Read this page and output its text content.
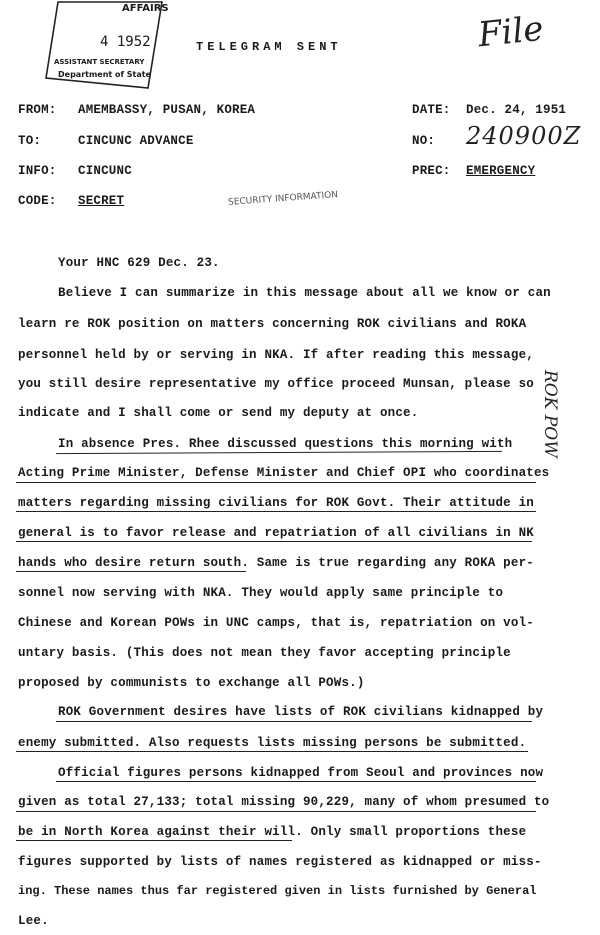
AFFAIRS
4 1952
ASSISTANT SECRETARY
Department of State
TELEGRAM SENT	File
FROM: AMEMBASSY, PUSAN, KOREA
TO:	CINCUNC ADVANCE
INFO: CINCUNC
CODE: SECRET	SECURITY INFORMATION
DATE: Dec. 24, 1951
NO: 240900Z
PREC: EMERGENCY
ROK POW
Your HNC 629 Dec. 23.
Believe I can summarize in this message about all we know or can
learn re ROK position on matters concerning ROK civilians and ROKA
personnel held by or serving in NKA. If after reading this message,
you still desire representative my office proceed Munsan, please so
indicate and I shall come or send my deputy at once.
In absence Pres. Rhee discussed questions this morning with
Acting Prime Minister, Defense Minister and Chief OPI who coordinates
matters regarding missing civilians for ROK Govt. Their attitude in
general is to favor release and repatriation of all civilians in NK
hands who desire return south. Same is true regarding any ROKA per-
sonnel now serving with NKA. They would apply same principle to
Chinese and Korean POWs in UNC camps, that is, repatriation on vol-
untary basis. (This does not mean they favor accepting principle
proposed by communists to exchange all POWs.)
ROK Government desires have lists of ROK civilians kidnapped by
enemy submitted. Also requests lists missing persons be submitted.
Official figures persons kidnapped from Seoul and provinces now
given as total 27,133; total missing 90,229, many of whom presumed to
be in North Korea against their will. Only small proportions these
figures supported by lists of names registered as kidnapped or miss-
ing. These names thus far registered given in lists furnished by General
Lee.
